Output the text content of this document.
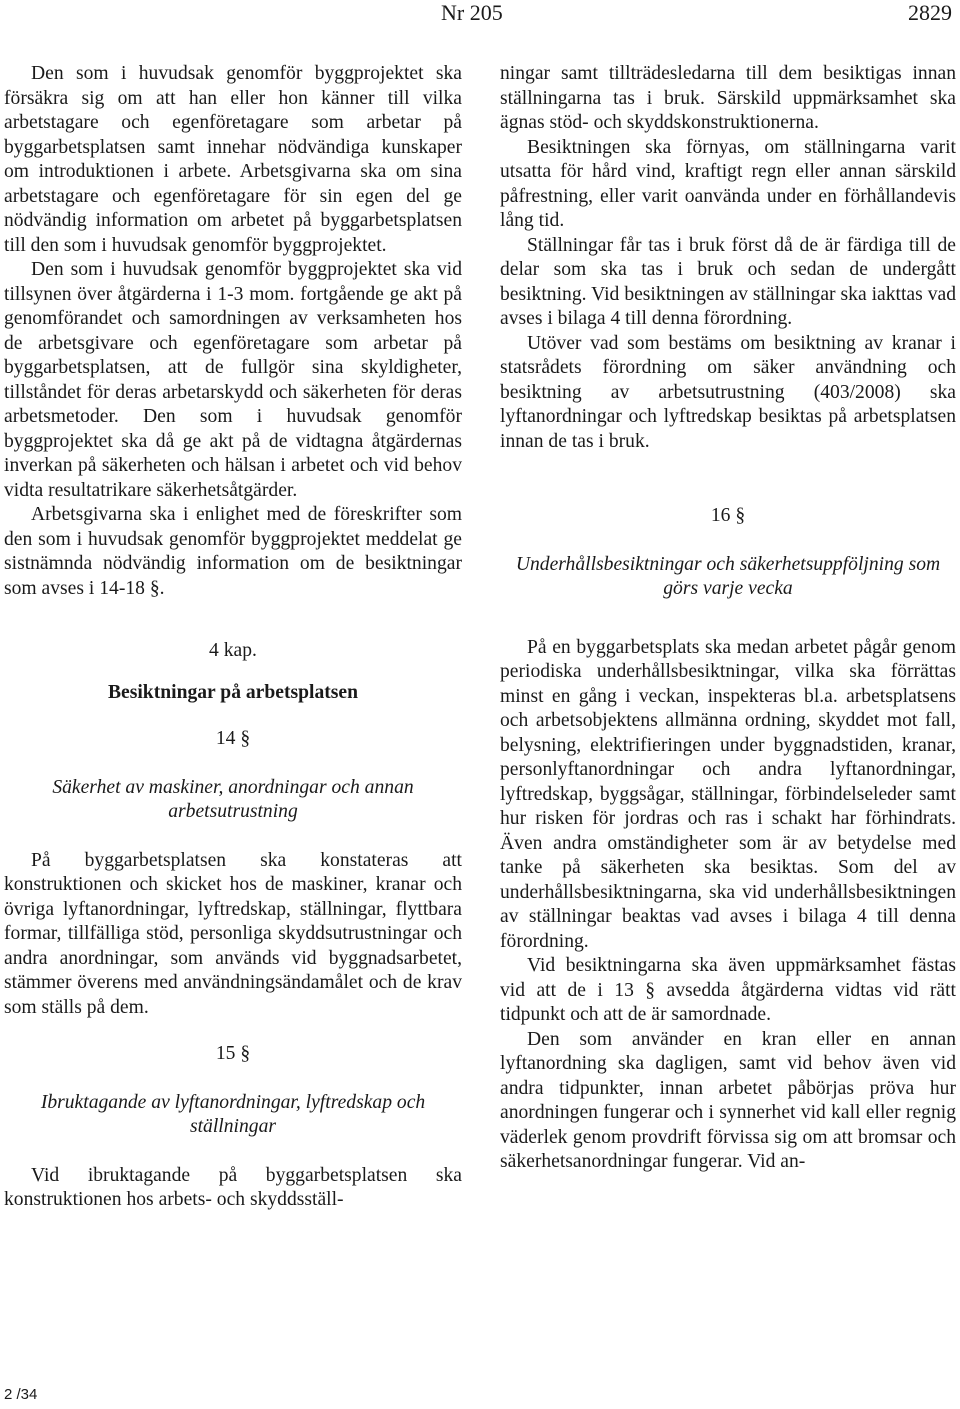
Nr 205	2829

Den som i huvudsak genomför byggprojektet ska försäkra sig om att han eller hon känner till vilka arbetstagare och egenföretagare som arbetar på byggarbetsplatsen samt innehar nödvändiga kunskaper om introduktionen i arbete. Arbetsgivarna ska om sina arbetstagare och egenföretagare för sin egen del ge nödvändig information om arbetet på byggarbetsplatsen till den som i huvudsak genomför byggprojektet.

Den som i huvudsak genomför byggprojektet ska vid tillsynen över åtgärderna i 1-3 mom. fortgående ge akt på genomförandet och samordningen av verksamheten hos de arbetsgivare och egenföretagare som arbetar på byggarbetsplatsen, att de fullgör sina skyldigheter, tillståndet för deras arbetarskydd och säkerheten för deras arbetsmetoder. Den som i huvudsak genomför byggprojektet ska då ge akt på de vidtagna åtgärdernas inverkan på säkerheten och hälsan i arbetet och vid behov vidta resultatrikare säkerhetsåtgärder.

Arbetsgivarna ska i enlighet med de föreskrifter som den som i huvudsak genomför byggprojektet meddelat ge sistnämnda nödvändig information om de besiktningar som avses i 14-18 §.

4 kap.
Besiktningar på arbetsplatsen
14 §
Säkerhet av maskiner, anordningar och annan arbetsutrustning

På byggarbetsplatsen ska konstateras att konstruktionen och skicket hos de maskiner, kranar och övriga lyftanordningar, lyftredskap, ställningar, flyttbara formar, tillfälliga stöd, personliga skyddsutrustningar och andra anordningar, som används vid byggnadsarbetet, stämmer överens med användningsändamålet och de krav som ställs på dem.

15 §
Ibruktagande av lyftanordningar, lyftredskap och ställningar

Vid ibruktagande på byggarbetsplatsen ska konstruktionen hos arbets- och skyddsställ-

ningar samt tillträdesledarna till dem besiktigas innan ställningarna tas i bruk. Särskild uppmärksamhet ska ägnas stöd- och skyddskonstruktionerna.

Besiktningen ska förnyas, om ställningarna varit utsatta för hård vind, kraftigt regn eller annan särskild påfrestning, eller varit oanvända under en förhållandevis lång tid.

Ställningar får tas i bruk först då de är färdiga till de delar som ska tas i bruk och sedan de undergått besiktning. Vid besiktningen av ställningar ska iakttas vad avses i bilaga 4 till denna förordning.

Utöver vad som bestäms om besiktning av kranar i statsrådets förordning om säker användning och besiktning av arbetsutrustning (403/2008) ska lyftanordningar och lyftredskap besiktas på arbetsplatsen innan de tas i bruk.

16 §
Underhållsbesiktningar och säkerhetsuppföljning som görs varje vecka

På en byggarbetsplats ska medan arbetet pågår genom periodiska underhållsbesiktningar, vilka ska förrättas minst en gång i veckan, inspekteras bl.a. arbetsplatsens och arbetsobjektens allmänna ordning, skyddet mot fall, belysning, elektrifieringen under byggnadstiden, kranar, personlyftanordningar och andra lyftanordningar, lyftredskap, byggsågar, ställningar, förbindelseleder samt hur risken för jordras och ras i schakt har förhindrats. Även andra omständigheter som är av betydelse med tanke på säkerheten ska besiktas. Som del av underhållsbesiktningarna, ska vid underhållsbesiktningen av ställningar beaktas vad avses i bilaga 4 till denna förordning.

Vid besiktningarna ska även uppmärksamhet fästas vid att de i 13 § avsedda åtgärderna vidtas vid rätt tidpunkt och att de är samordnade.

Den som använder en kran eller en annan lyftanordning ska dagligen, samt vid behov även vid andra tidpunkter, innan arbetet påbörjas pröva hur anordningen fungerar och i synnerhet vid kall eller regnig väderlek genom provdrift förvissa sig om att bromsar och säkerhetsanordningar fungerar. Vid an-

2 /34
